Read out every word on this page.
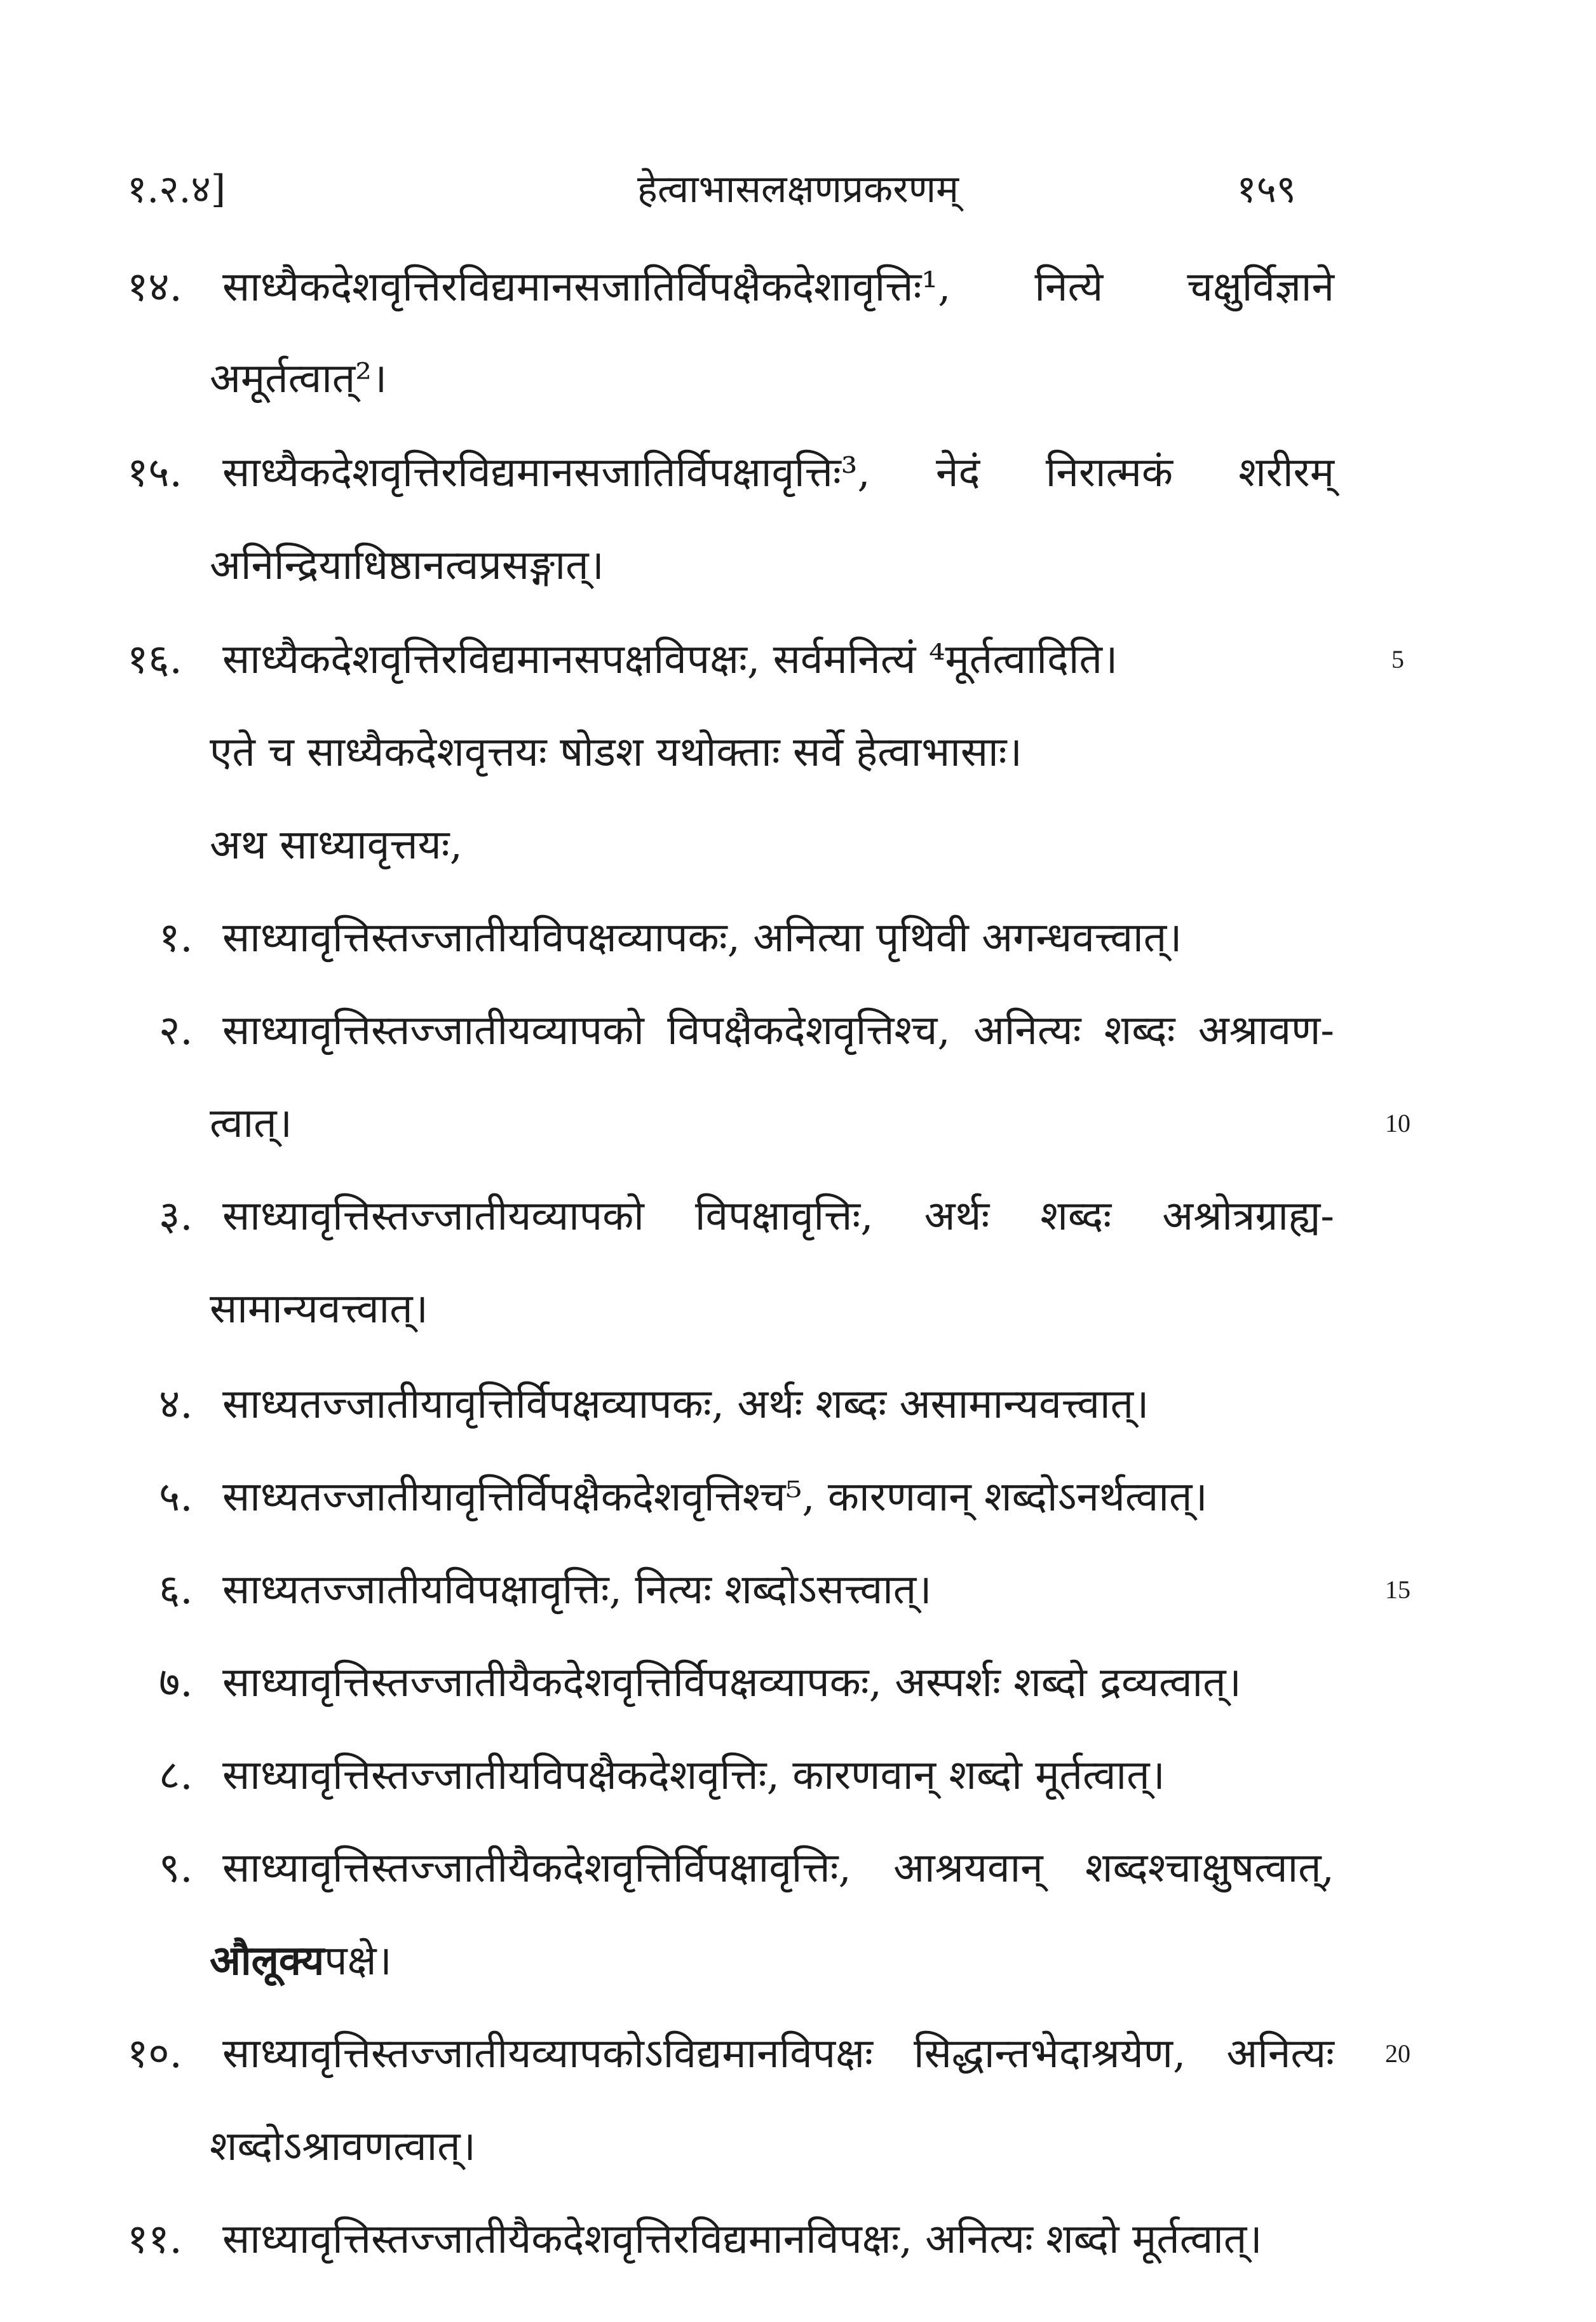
१.२.४]	हेत्वाभासलक्षणप्रकरणम्	१५९
१४. साध्यैकदेशवृत्तिरविद्यमानसजातिर्विपक्षैकदेशावृत्तिः¹, नित्ये चक्षुर्विज्ञाने
अमूर्तत्वात्²।
१५. साध्यैकदेशवृत्तिरविद्यमानसजातिर्विपक्षावृत्तिः³, नेदं निरात्मकं शरीरम्
अनिन्द्रियाधिष्ठानत्वप्रसङ्गात्।
१६. साध्यैकदेशवृत्तिरविद्यमानसपक्षविपक्षः, सर्वमनित्यं ⁴मूर्तत्वादिति।
एते च साध्यैकदेशवृत्तयः षोडश यथोक्ताः सर्वे हेत्वाभासाः।
अथ साध्यावृत्तयः,
१. साध्यावृत्तिस्तज्जातीयविपक्षव्यापकः, अनित्या पृथिवी अगन्धवत्त्वात्।
२. साध्यावृत्तिस्तज्जातीयव्यापको विपक्षैकदेशवृत्तिश्च, अनित्यः शब्दः अश्रावण-
त्वात्।
३. साध्यावृत्तिस्तज्जातीयव्यापको विपक्षावृत्तिः, अर्थः शब्दः अश्रोत्रग्राह्य-
सामान्यवत्त्वात्।
४. साध्यतज्जातीयावृत्तिर्विपक्षव्यापकः, अर्थः शब्दः असामान्यवत्त्वात्।
५. साध्यतज्जातीयावृत्तिर्विपक्षैकदेशवृत्तिश्च⁵, कारणवान् शब्दोऽनर्थत्वात्।
६. साध्यतज्जातीयविपक्षावृत्तिः, नित्यः शब्दोऽसत्त्वात्।
७. साध्यावृत्तिस्तज्जातीयैकदेशवृत्तिर्विपक्षव्यापकः, अस्पर्शः शब्दो द्रव्यत्वात्।
८. साध्यावृत्तिस्तज्जातीयविपक्षैकदेशवृत्तिः, कारणवान् शब्दो मूर्तत्वात्।
९. साध्यावृत्तिस्तज्जातीयैकदेशवृत्तिर्विपक्षावृत्तिः, आश्रयवान् शब्दश्चाक्षुषत्वात्,
औलूक्यपक्षे।
१०. साध्यावृत्तिस्तज्जातीयव्यापकोऽविद्यमानविपक्षः सिद्धान्तभेदाश्रयेण, अनित्यः
शब्दोऽश्रावणत्वात्।
११. साध्यावृत्तिस्तज्जातीयैकदेशवृत्तिरविद्यमानविपक्षः, अनित्यः शब्दो मूर्तत्वात्।
5
10
15
20
